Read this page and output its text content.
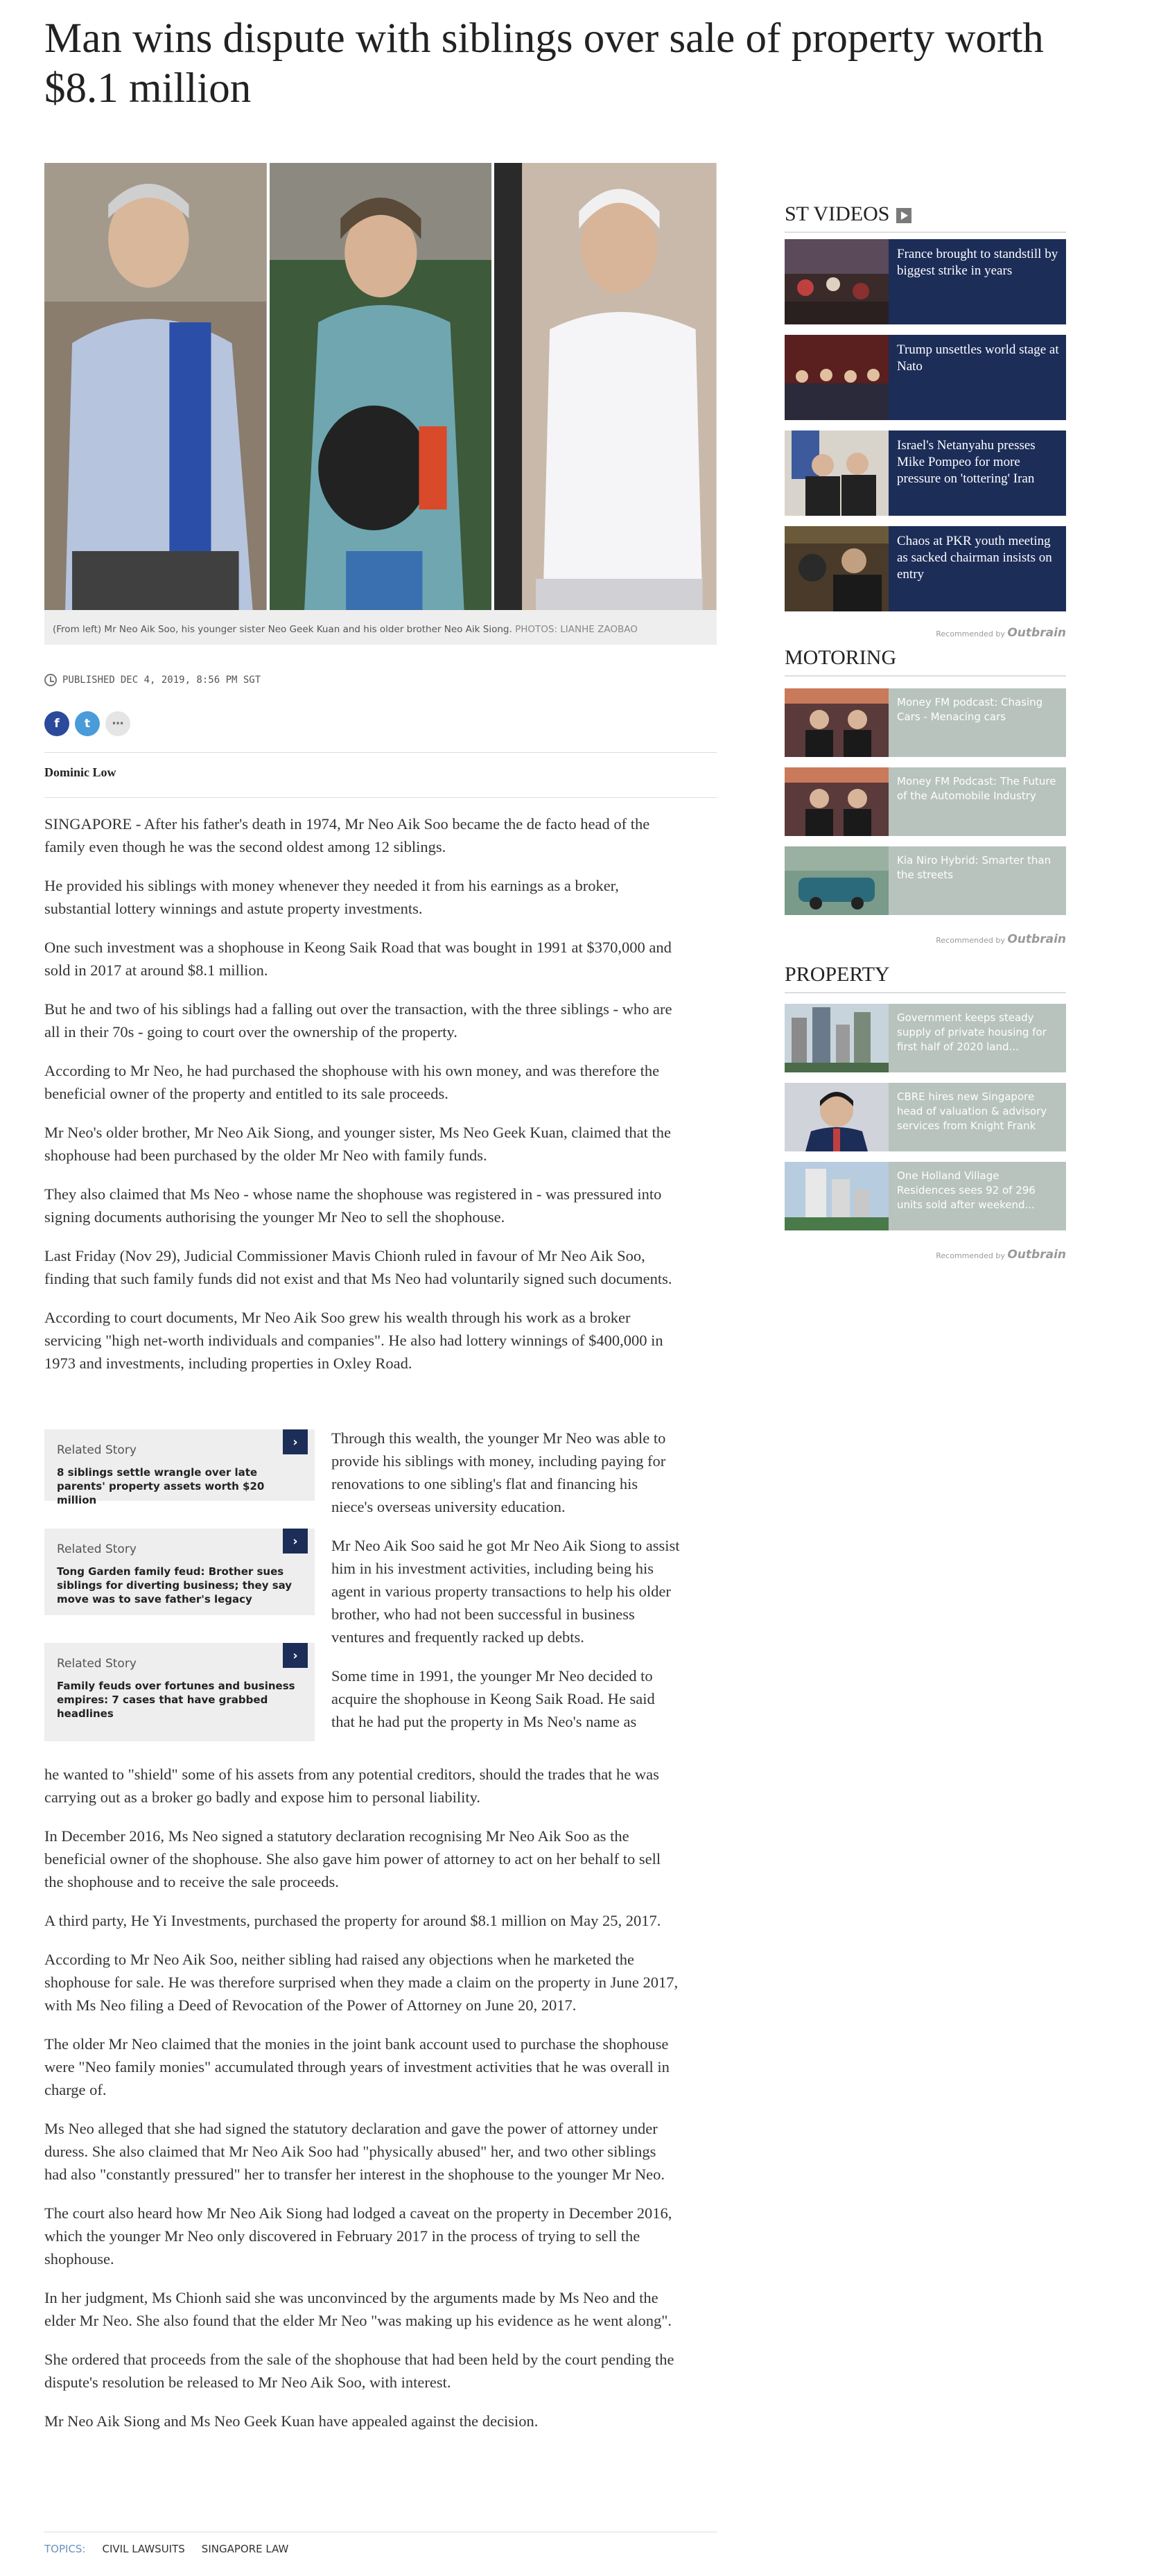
Man wins dispute with siblings over sale of property worth $8.1 million
(From left) Mr Neo Aik Soo, his younger sister Neo Geek Kuan and his older brother Neo Aik Siong. PHOTOS: LIANHE ZAOBAO
PUBLISHED DEC 4, 2019, 8:56 PM SGT
f	t	⋯
Dominic Low

SINGAPORE - After his father's death in 1974, Mr Neo Aik Soo became the de facto head of the family even though he was the second oldest among 12 siblings.

He provided his siblings with money whenever they needed it from his earnings as a broker, substantial lottery winnings and astute property investments.

One such investment was a shophouse in Keong Saik Road that was bought in 1991 at $370,000 and sold in 2017 at around $8.1 million.

But he and two of his siblings had a falling out over the transaction, with the three siblings - who are all in their 70s - going to court over the ownership of the property.

According to Mr Neo, he had purchased the shophouse with his own money, and was therefore the beneficial owner of the property and entitled to its sale proceeds.

Mr Neo's older brother, Mr Neo Aik Siong, and younger sister, Ms Neo Geek Kuan, claimed that the shophouse had been purchased by the older Mr Neo with family funds.

They also claimed that Ms Neo - whose name the shophouse was registered in - was pressured into signing documents authorising the younger Mr Neo to sell the shophouse.

Last Friday (Nov 29), Judicial Commissioner Mavis Chionh ruled in favour of Mr Neo Aik Soo, finding that such family funds did not exist and that Ms Neo had voluntarily signed such documents.

According to court documents, Mr Neo Aik Soo grew his wealth through his work as a broker servicing "high net-worth individuals and companies". He also had lottery winnings of $400,000 in 1973 and investments, including properties in Oxley Road.

›
Related Story
8 siblings settle wrangle over late parents' property assets worth $20 million
›
Related Story
Tong Garden family feud: Brother sues siblings for diverting business; they say move was to save father's legacy
›
Related Story
Family feuds over fortunes and business empires: 7 cases that have grabbed headlines

Through this wealth, the younger Mr Neo was able to provide his siblings with money, including paying for renovations to one sibling's flat and financing his niece's overseas university education.

Mr Neo Aik Soo said he got Mr Neo Aik Siong to assist him in his investment activities, including being his agent in various property transactions to help his older brother, who had not been successful in business ventures and frequently racked up debts.

Some time in 1991, the younger Mr Neo decided to acquire the shophouse in Keong Saik Road. He said that he had put the property in Ms Neo's name as

he wanted to "shield" some of his assets from any potential creditors, should the trades that he was carrying out as a broker go badly and expose him to personal liability.

In December 2016, Ms Neo signed a statutory declaration recognising Mr Neo Aik Soo as the beneficial owner of the shophouse. She also gave him power of attorney to act on her behalf to sell the shophouse and to receive the sale proceeds.

A third party, He Yi Investments, purchased the property for around $8.1 million on May 25, 2017.

According to Mr Neo Aik Soo, neither sibling had raised any objections when he marketed the shophouse for sale. He was therefore surprised when they made a claim on the property in June 2017, with Ms Neo filing a Deed of Revocation of the Power of Attorney on June 20, 2017.

The older Mr Neo claimed that the monies in the joint bank account used to purchase the shophouse were "Neo family monies" accumulated through years of investment activities that he was overall in charge of.

Ms Neo alleged that she had signed the statutory declaration and gave the power of attorney under duress. She also claimed that Mr Neo Aik Soo had "physically abused" her, and two other siblings had also "constantly pressured" her to transfer her interest in the shophouse to the younger Mr Neo.

The court also heard how Mr Neo Aik Siong had lodged a caveat on the property in December 2016, which the younger Mr Neo only discovered in February 2017 in the process of trying to sell the shophouse.

In her judgment, Ms Chionh said she was unconvinced by the arguments made by Ms Neo and the elder Mr Neo. She also found that the elder Mr Neo "was making up his evidence as he went along".

She ordered that proceeds from the sale of the shophouse that had been held by the court pending the dispute's resolution be released to Mr Neo Aik Soo, with interest.

Mr Neo Aik Siong and Ms Neo Geek Kuan have appealed against the decision.

TOPICS: CIVIL LAWSUITS SINGAPORE LAW
ST VIDEOS
France brought to standstill by biggest strike in years
Trump unsettles world stage at Nato
Israel's Netanyahu presses Mike Pompeo for more pressure on 'tottering' Iran
Chaos at PKR youth meeting as sacked chairman insists on entry
Recommended by Outbrain
MOTORING
Money FM podcast: Chasing Cars - Menacing cars
Money FM Podcast: The Future of the Automobile Industry
Kia Niro Hybrid: Smarter than the streets
Recommended by Outbrain
PROPERTY
Government keeps steady supply of private housing for first half of 2020 land...
CBRE hires new Singapore head of valuation & advisory services from Knight Frank
One Holland Village Residences sees 92 of 296 units sold after weekend...
Recommended by Outbrain
